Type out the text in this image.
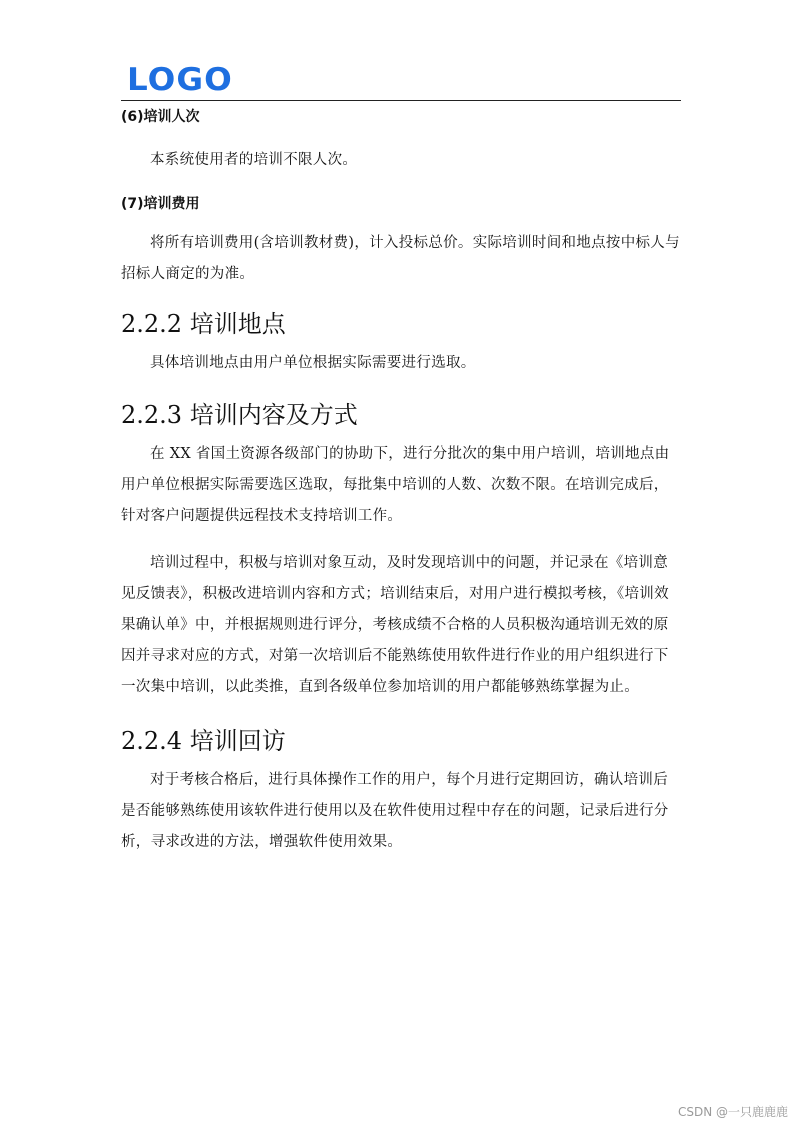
LOGO

(6)培训人次

本系统使用者的培训不限人次。

(7)培训费用

将所有培训费用(含培训教材费)，计入投标总价。实际培训时间和地点按中标人与招标人商定的为准。

2.2.2 培训地点

具体培训地点由用户单位根据实际需要进行选取。

2.2.3 培训内容及方式

在 XX 省国土资源各级部门的协助下，进行分批次的集中用户培训，培训地点由用户单位根据实际需要选区选取，每批集中培训的人数、次数不限。在培训完成后，针对客户问题提供远程技术支持培训工作。

培训过程中，积极与培训对象互动，及时发现培训中的问题，并记录在《培训意见反馈表》，积极改进培训内容和方式；培训结束后，对用户进行模拟考核，《培训效果确认单》中，并根据规则进行评分，考核成绩不合格的人员积极沟通培训无效的原因并寻求对应的方式，对第一次培训后不能熟练使用软件进行作业的用户组织进行下一次集中培训，以此类推，直到各级单位参加培训的用户都能够熟练掌握为止。

2.2.4 培训回访

对于考核合格后，进行具体操作工作的用户，每个月进行定期回访，确认培训后是否能够熟练使用该软件进行使用以及在软件使用过程中存在的问题，记录后进行分析，寻求改进的方法，增强软件使用效果。

CSDN @一只鹿鹿鹿
